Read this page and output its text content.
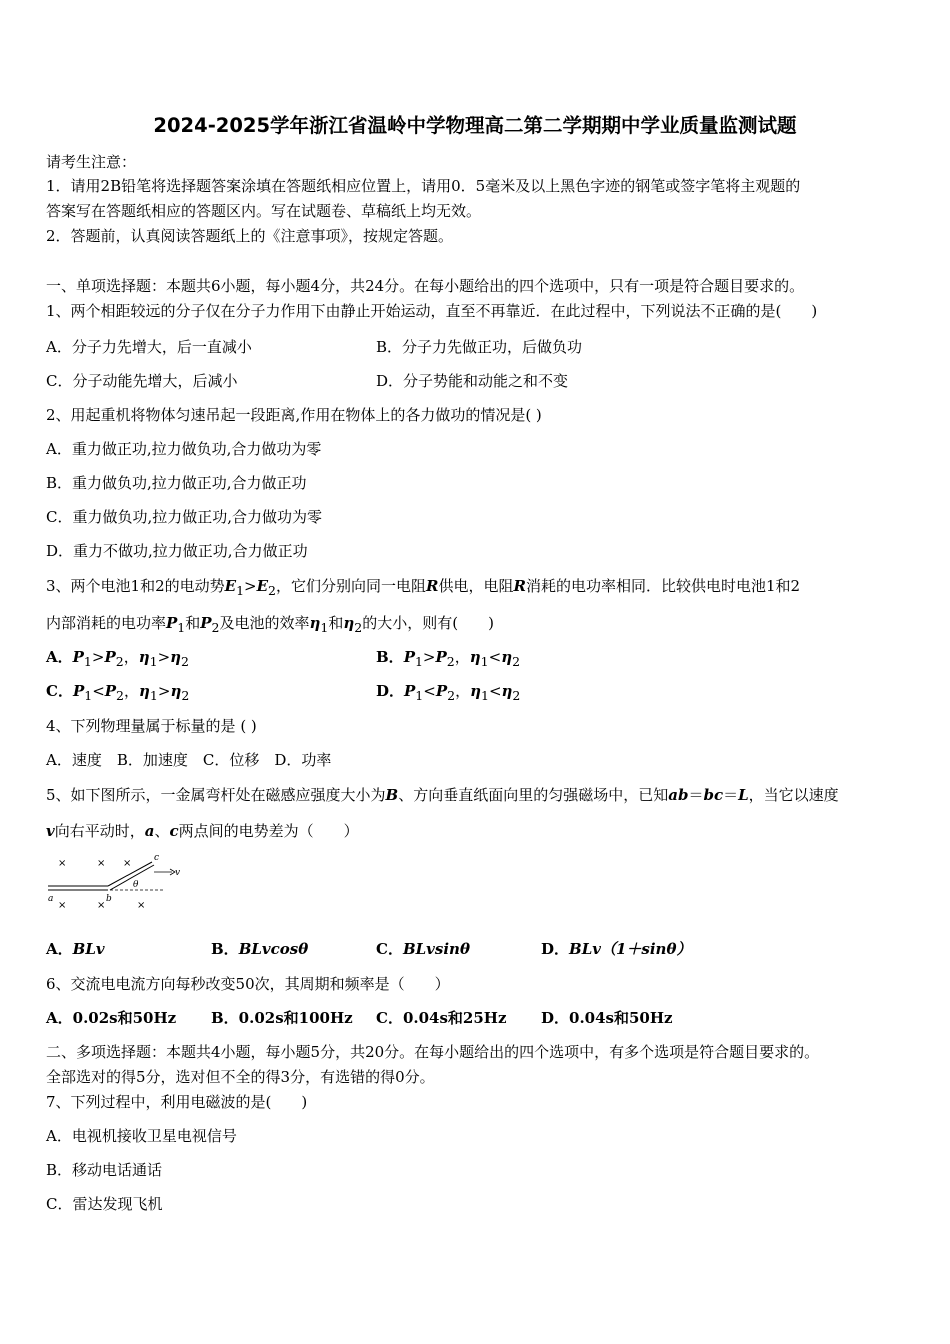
2024-2025学年浙江省温岭中学物理高二第二学期期中学业质量监测试题
请考生注意：
1．请用2B铅笔将选择题答案涂填在答题纸相应位置上，请用0．5毫米及以上黑色字迹的钢笔或签字笔将主观题的
答案写在答题纸相应的答题区内。写在试题卷、草稿纸上均无效。
2．答题前，认真阅读答题纸上的《注意事项》，按规定答题。
一、单项选择题：本题共6小题，每小题4分，共24分。在每小题给出的四个选项中，只有一项是符合题目要求的。
1、两个相距较远的分子仅在分子力作用下由静止开始运动，直至不再靠近．在此过程中，下列说法不正确的是(　　)
A．分子力先增大，后一直减小	B．分子力先做正功，后做负功
C．分子动能先增大，后减小	D．分子势能和动能之和不变
2、用起重机将物体匀速吊起一段距离,作用在物体上的各力做功的情况是( )
A．重力做正功,拉力做负功,合力做功为零
B．重力做负功,拉力做正功,合力做正功
C．重力做负功,拉力做正功,合力做功为零
D．重力不做功,拉力做正功,合力做正功
3、两个电池1和2的电动势$E_1>E_2$，它们分别向同一电阻R供电，电阻R消耗的电功率相同．比较供电时电池1和2
内部消耗的电功率$P_1$和$P_2$及电池的效率$\eta_1$和$\eta_2$的大小，则有(　　)
A．$P_1>P_2$，$\eta_1>\eta_2$	B．$P_1>P_2$，$\eta_1<\eta_2$
C．$P_1<P_2$，$\eta_1>\eta_2$	D．$P_1<P_2$，$\eta_1<\eta_2$
4、下列物理量属于标量的是 ( )
A．速度　B．加速度　C．位移　D．功率
5、如下图所示，一金属弯杆处在磁感应强度大小为B、方向垂直纸面向里的匀强磁场中，已知ab＝bc＝L，当它以速度
v向右平动时，a、c两点间的电势差为（　　）
×	× ×
×	×	×
a	b
c
v
θ
A．BLv	B．BLvcosθ	C．BLvsinθ	D．BLv（1＋sinθ）
6、交流电电流方向每秒改变50次，其周期和频率是（　　）
A．0.02s和50Hz B．0.02s和100Hz C．0.04s和25Hz D．0.04s和50Hz
二、多项选择题：本题共4小题，每小题5分，共20分。在每小题给出的四个选项中，有多个选项是符合题目要求的。
全部选对的得5分，选对但不全的得3分，有选错的得0分。
7、下列过程中，利用电磁波的是(　　)
A．电视机接收卫星电视信号
B．移动电话通话
C．雷达发现飞机
